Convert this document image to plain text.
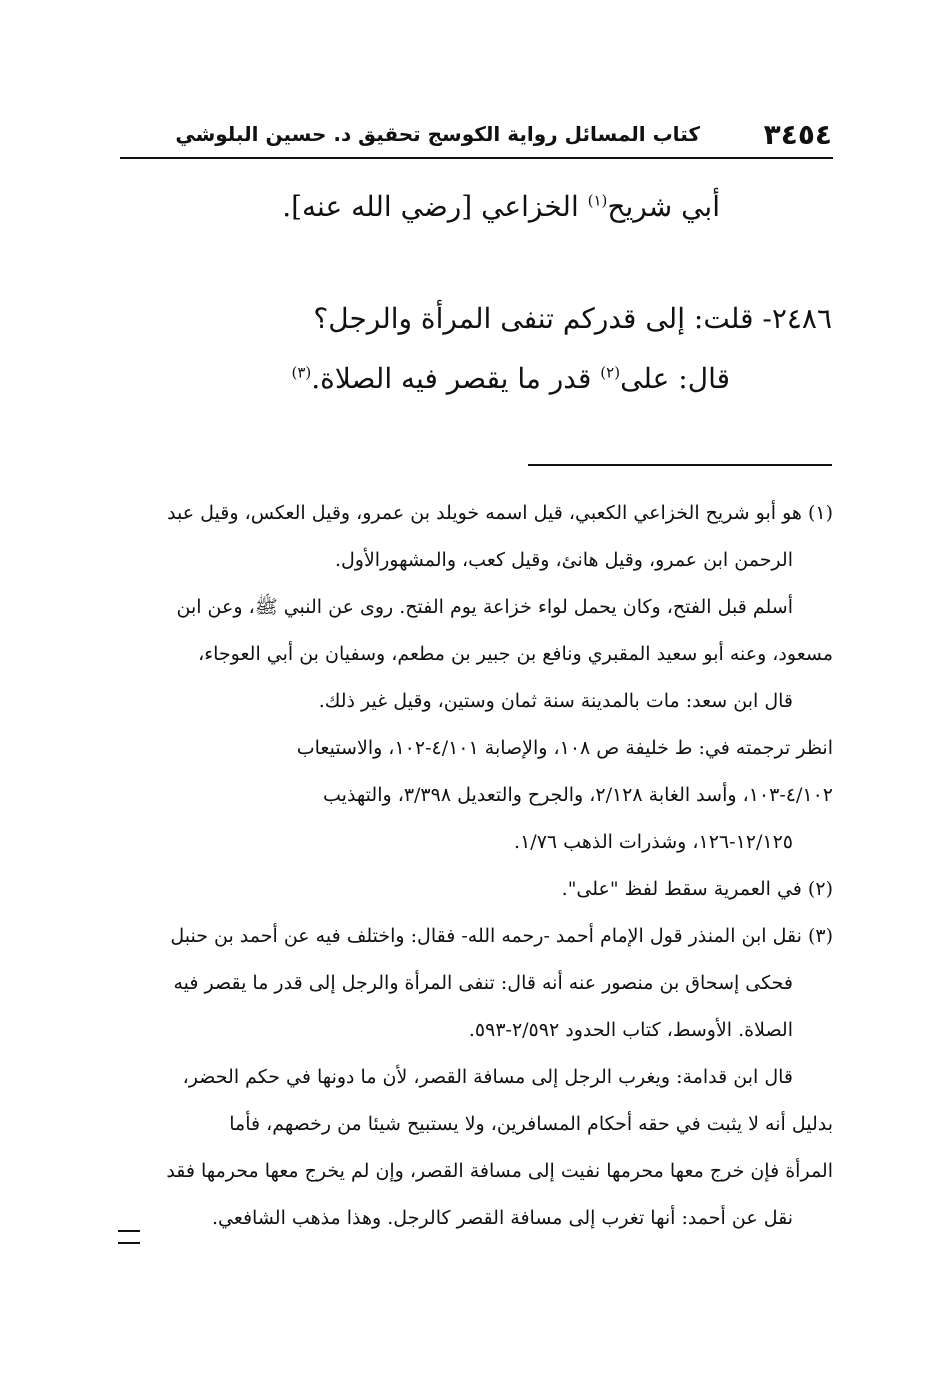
٣٤٥٤
كتاب المسائل رواية الكوسج تحقيق د. حسين البلوشي
أبي شريح$^{(١)}$ الخزاعي [رضي الله عنه].
٢٤٨٦- قلت: إلى قدركم تنفى المرأة والرجل؟
قال: على$^{(٢)}$ قدر ما يقصر فيه الصلاة.$^{(٣)}$
(١) هو أبو شريح الخزاعي الكعبي، قيل اسمه خويلد بن عمرو، وقيل العكس، وقيل عبد
الرحمن ابن عمرو، وقيل هانئ، وقيل كعب، والمشهورالأول.
أسلم قبل الفتح، وكان يحمل لواء خزاعة يوم الفتح. روى عن النبي ﷺ، وعن ابن
مسعود، وعنه أبو سعيد المقبري ونافع بن جبير بن مطعم، وسفيان بن أبي العوجاء،
قال ابن سعد: مات بالمدينة سنة ثمان وستين، وقيل غير ذلك.
انظر ترجمته في: ط خليفة ص ١٠٨، والإصابة ٤/١٠١-١٠٢، والاستيعاب
٤/١٠٢-١٠٣، وأسد الغابة ٢/١٢٨، والجرح والتعديل ٣/٣٩٨، والتهذيب
١٢/١٢٥-١٢٦، وشذرات الذهب ١/٧٦.
(٢) في العمرية سقط لفظ "على".
(٣) نقل ابن المنذر قول الإمام أحمد -رحمه الله- فقال: واختلف فيه عن أحمد بن حنبل
فحكى إسحاق بن منصور عنه أنه قال: تنفى المرأة والرجل إلى قدر ما يقصر فيه
الصلاة. الأوسط، كتاب الحدود ٢/٥٩٢-٥٩٣.
قال ابن قدامة: ويغرب الرجل إلى مسافة القصر، لأن ما دونها في حكم الحضر،
بدليل أنه لا يثبت في حقه أحكام المسافرين، ولا يستبيح شيئا من رخصهم، فأما
المرأة فإن خرج معها محرمها نفيت إلى مسافة القصر، وإن لم يخرج معها محرمها فقد
نقل عن أحمد: أنها تغرب إلى مسافة القصر كالرجل. وهذا مذهب الشافعي.
